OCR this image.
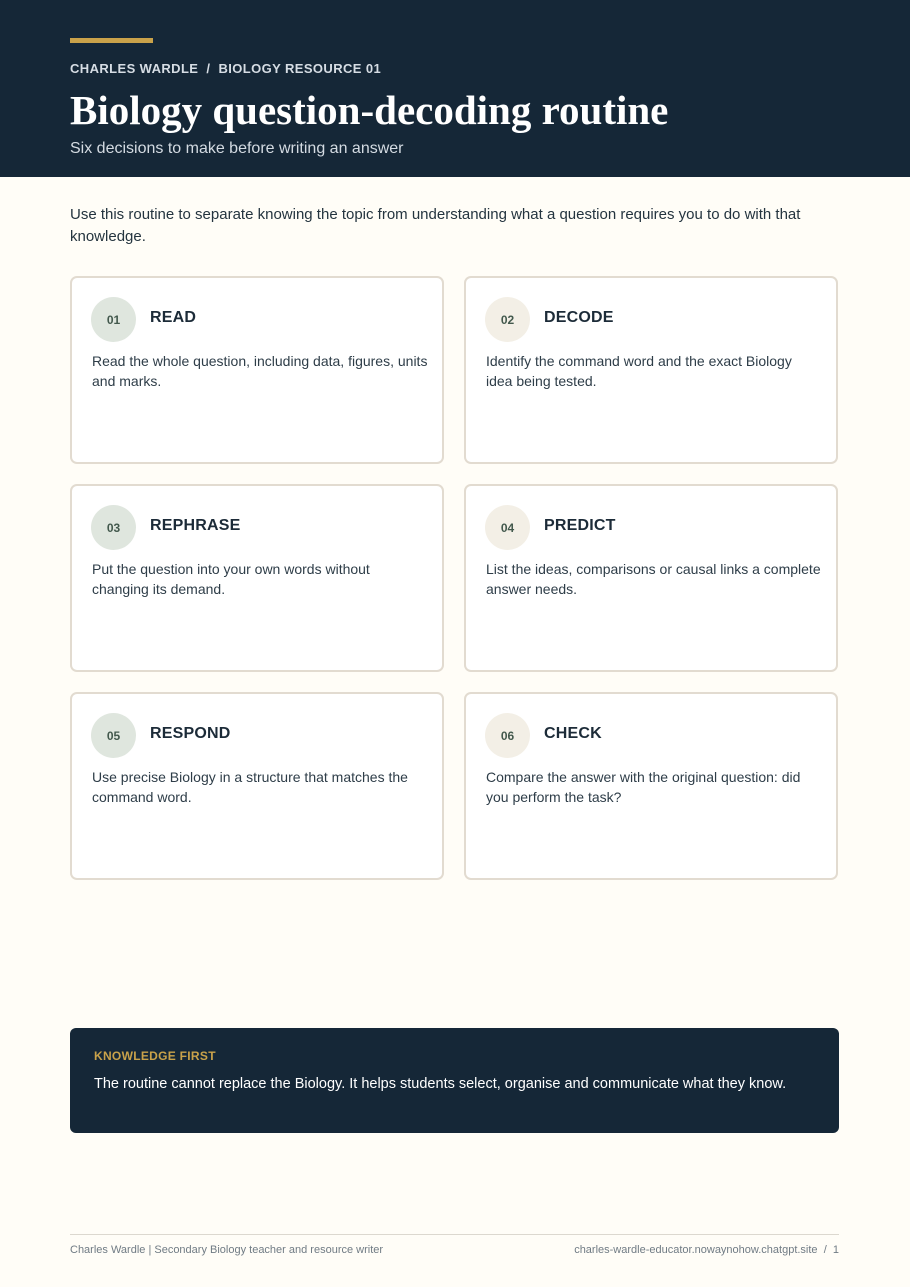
CHARLES WARDLE / BIOLOGY RESOURCE 01
Biology question-decoding routine
Six decisions to make before writing an answer
Use this routine to separate knowing the topic from understanding what a question requires you to do with that knowledge.
01	READ
Read the whole question, including data, figures, units and marks.
02	DECODE
Identify the command word and the exact Biology idea being tested.
03	REPHRASE
Put the question into your own words without changing its demand.
04	PREDICT
List the ideas, comparisons or causal links a complete answer needs.
05	RESPOND
Use precise Biology in a structure that matches the command word.
06	CHECK
Compare the answer with the original question: did you perform the task?
KNOWLEDGE FIRST
The routine cannot replace the Biology. It helps students select, organise and communicate what they know.
Charles Wardle | Secondary Biology teacher and resource writer	charles-wardle-educator.nowaynohow.chatgpt.site / 1
